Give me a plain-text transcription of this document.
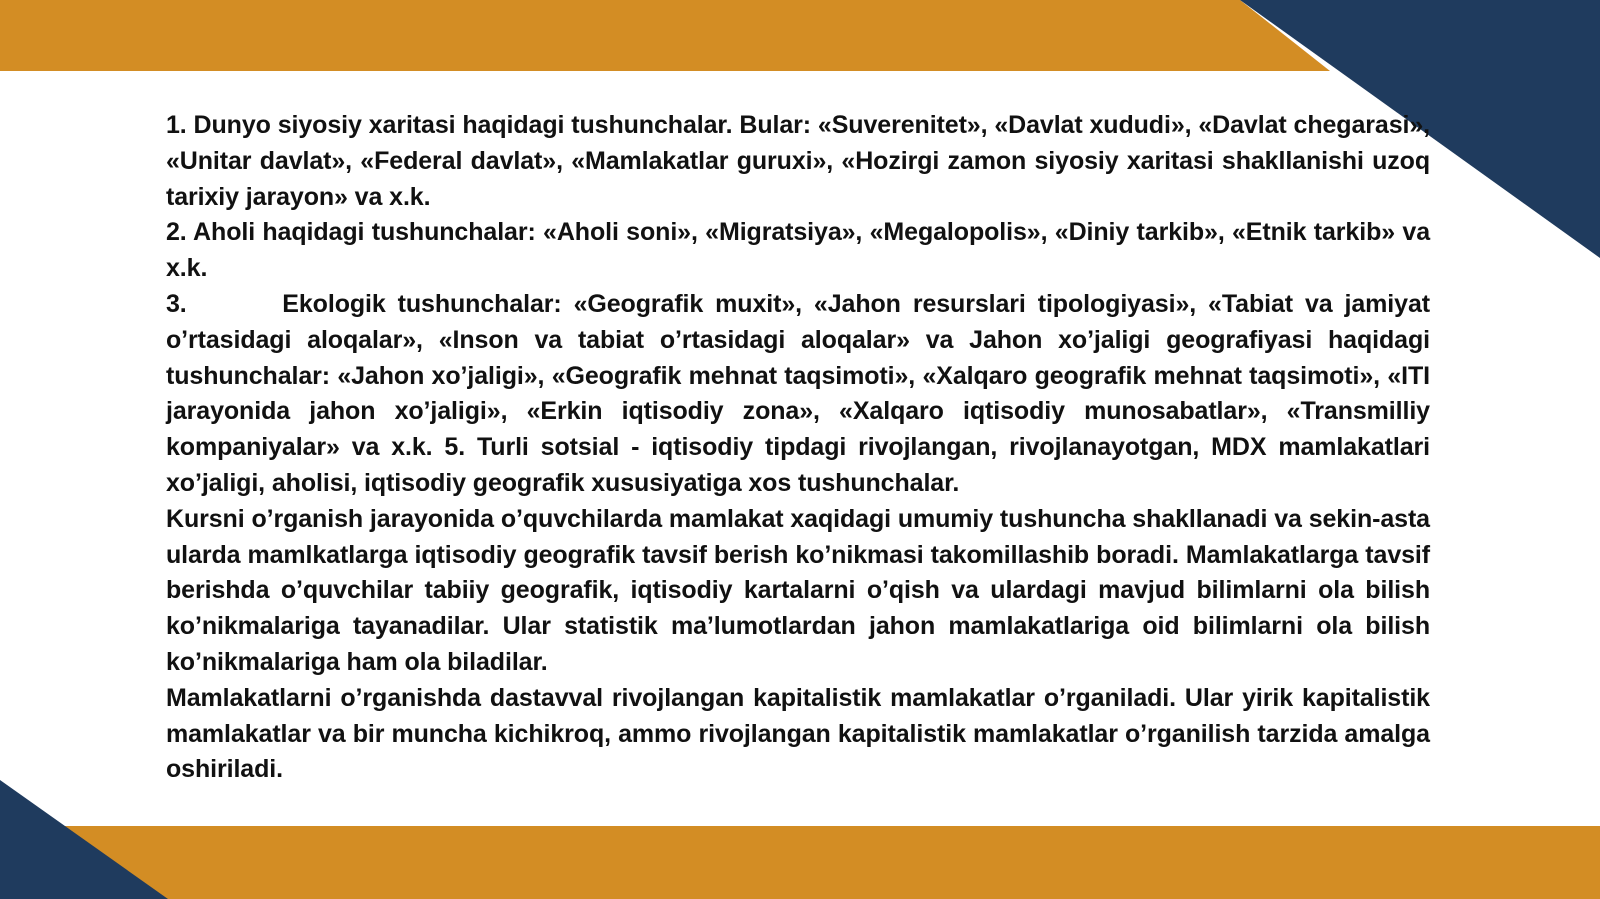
1. Dunyo siyosiy xaritasi haqidagi tushunchalar. Bular: «Suverenitet», «Davlat xududi», «Davlat chegarasi», «Unitar davlat», «Federal davlat», «Mamlakatlar guruxi», «Hozirgi zamon siyosiy xaritasi shakllanishi uzoq tarixiy jarayon» va x.k.

2. Aholi haqidagi tushunchalar: «Aholi soni», «Migratsiya», «Megalopolis», «Diniy tarkib», «Etnik tarkib» va x.k.

3.        Ekologik tushunchalar: «Geografik muxit», «Jahon resurslari tipologiyasi», «Tabiat va jamiyat o’rtasidagi aloqalar», «Inson va tabiat o’rtasidagi aloqalar» va Jahon xo’jaligi geografiyasi haqidagi tushunchalar: «Jahon xo’jaligi», «Geografik mehnat taqsimoti», «Xalqaro geografik mehnat taqsimoti», «ITI jarayonida jahon xo’jaligi», «Erkin iqtisodiy zona», «Xalqaro iqtisodiy munosabatlar», «Transmilliy kompaniyalar» va x.k. 5. Turli sotsial - iqtisodiy tipdagi rivojlangan, rivojlanayotgan, MDX mamlakatlari xo’jaligi, aholisi, iqtisodiy geografik xususiyatiga xos tushunchalar.

Kursni o’rganish jarayonida o’quvchilarda mamlakat xaqidagi umumiy tushuncha shakllanadi va sekin-asta ularda mamlkatlarga iqtisodiy geografik tavsif berish ko’nikmasi takomillashib boradi. Mamlakatlarga tavsif berishda o’quvchilar tabiiy geografik, iqtisodiy kartalarni o’qish va ulardagi mavjud bilimlarni ola bilish ko’nikmalariga tayanadilar. Ular statistik ma’lumotlardan jahon mamlakatlariga oid bilimlarni ola bilish ko’nikmalariga ham ola biladilar.

Mamlakatlarni o’rganishda dastavval rivojlangan kapitalistik mamlakatlar o’rganiladi. Ular yirik kapitalistik mamlakatlar va bir muncha kichikroq, ammo rivojlangan kapitalistik mamlakatlar o’rganilish tarzida amalga oshiriladi.
